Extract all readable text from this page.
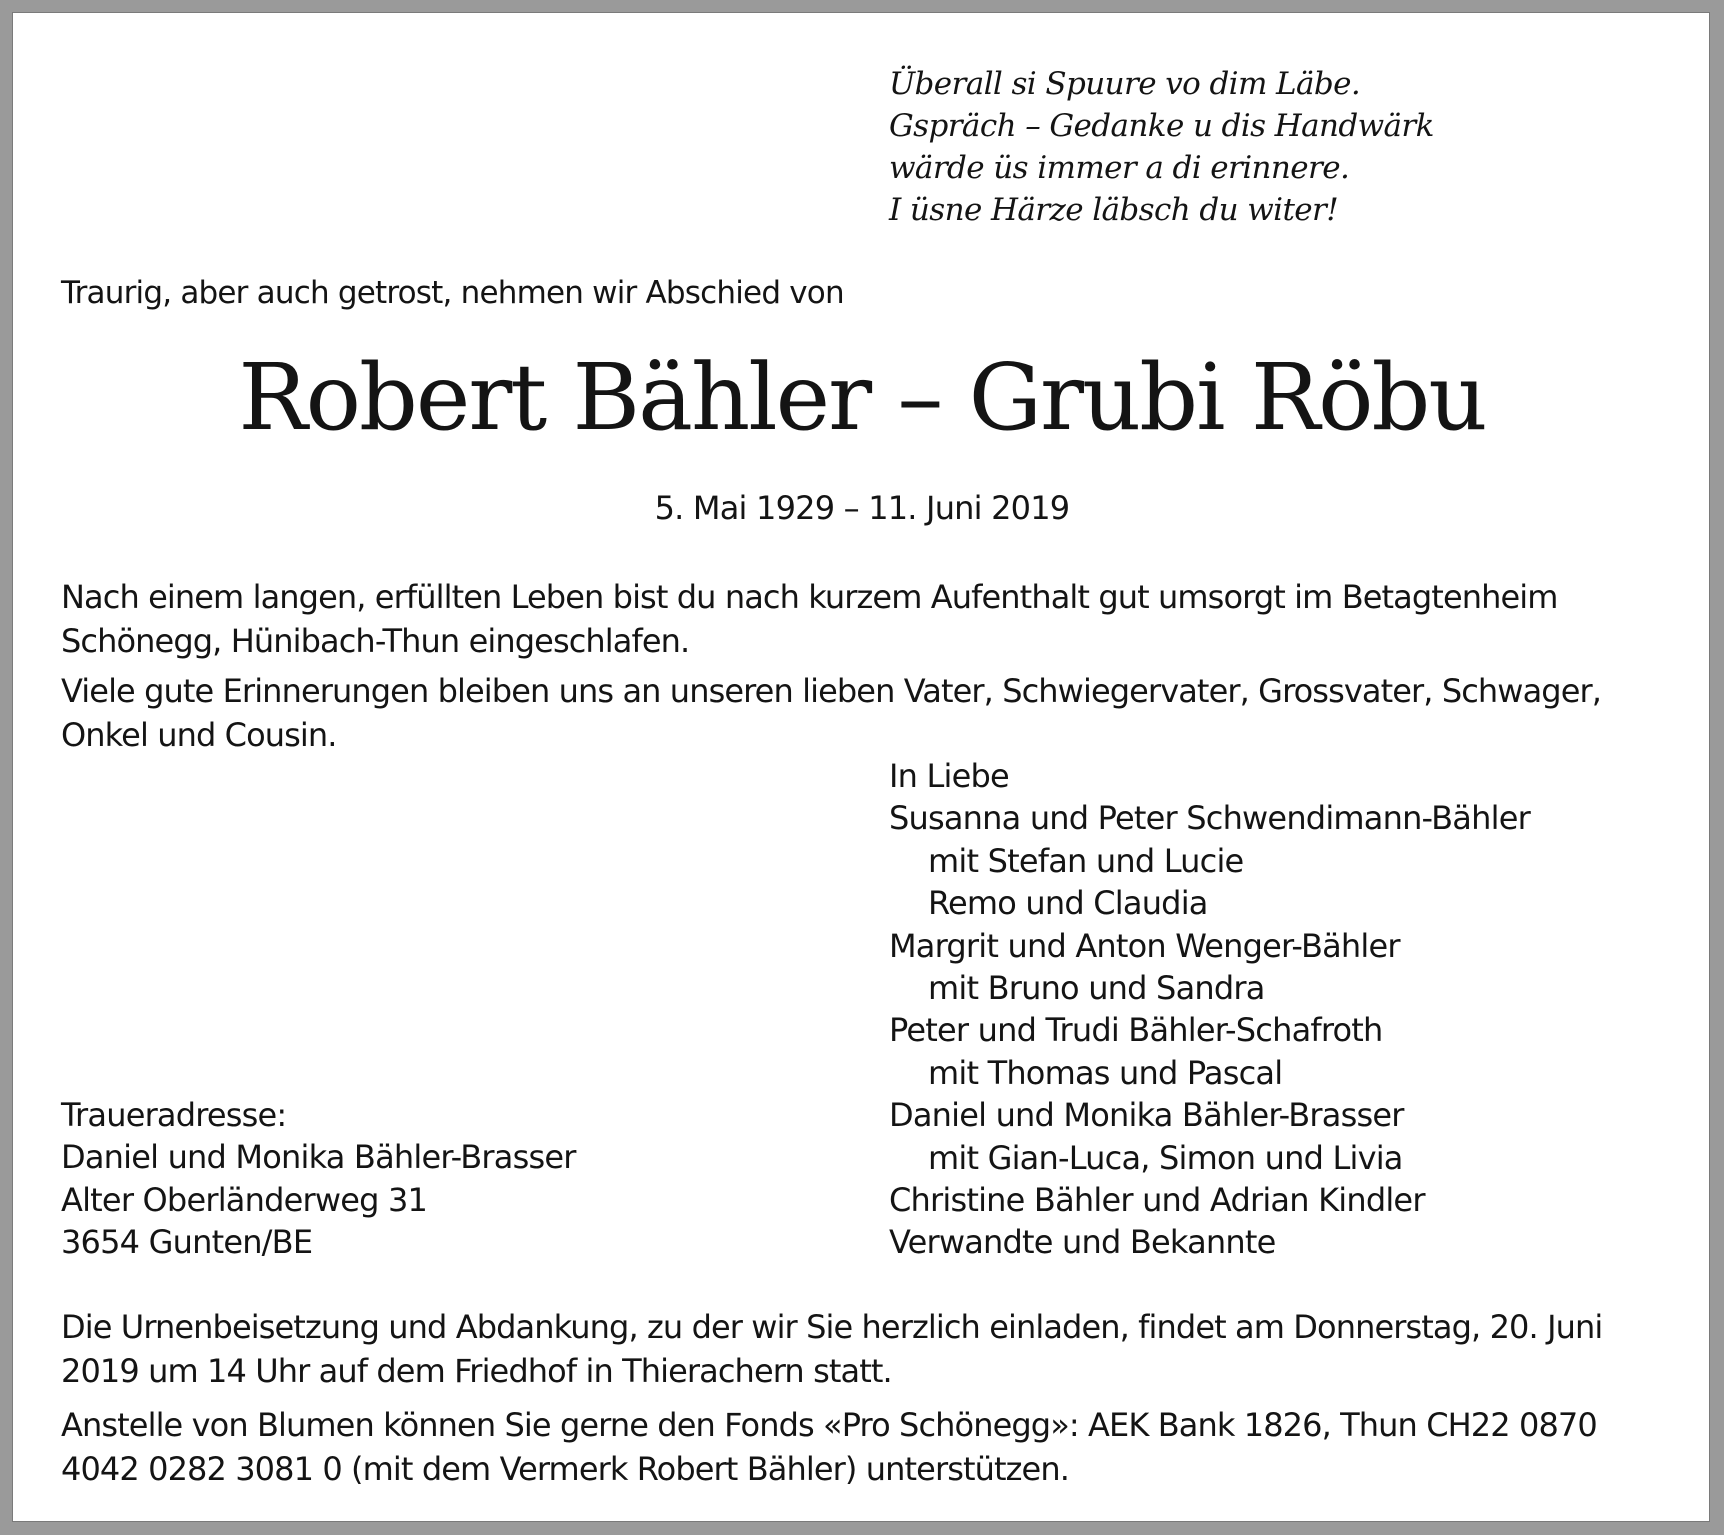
Überall si Spuure vo dim Läbe.
Gspräch – Gedanke u dis Handwärk
wärde üs immer a di erinnere.
I üsne Härze läbsch du witer!
Traurig, aber auch getrost, nehmen wir Abschied von
Robert Bähler – Grubi Röbu
5. Mai 1929 – 11. Juni 2019
Nach einem langen, erfüllten Leben bist du nach kurzem Aufenthalt gut umsorgt im Betagtenheim Schönegg, Hünibach-Thun eingeschlafen.
Viele gute Erinnerungen bleiben uns an unseren lieben Vater, Schwiegervater, Grossvater, Schwager, Onkel und Cousin.
In Liebe
Susanna und Peter Schwendimann-Bähler
mit Stefan und Lucie
Remo und Claudia
Margrit und Anton Wenger-Bähler
mit Bruno und Sandra
Peter und Trudi Bähler-Schafroth
mit Thomas und Pascal
Daniel und Monika Bähler-Brasser
mit Gian-Luca, Simon und Livia
Christine Bähler und Adrian Kindler
Verwandte und Bekannte
Traueradresse:
Daniel und Monika Bähler-Brasser
Alter Oberländerweg 31
3654 Gunten/BE
Die Urnenbeisetzung und Abdankung, zu der wir Sie herzlich einladen, findet am Donnerstag, 20. Juni 2019 um 14 Uhr auf dem Friedhof in Thierachern statt.
Anstelle von Blumen können Sie gerne den Fonds «Pro Schönegg»: AEK Bank 1826, Thun CH22 0870 4042 0282 3081 0 (mit dem Vermerk Robert Bähler) unterstützen.
